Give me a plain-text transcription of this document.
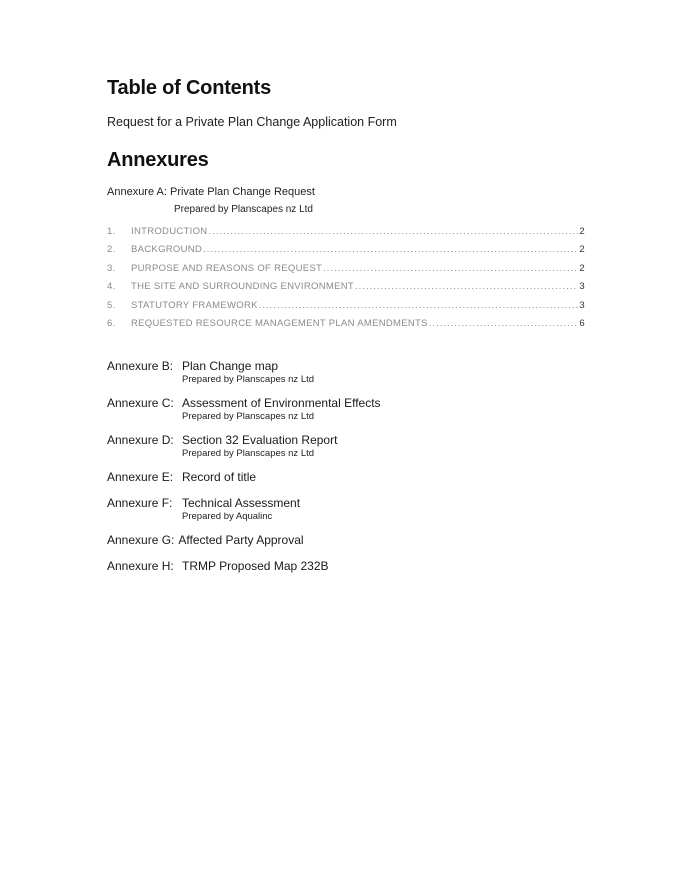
Table of Contents
Request for a Private Plan Change Application Form
Annexures
Annexure A: Private Plan Change Request
Prepared by Planscapes nz Ltd
1.	INTRODUCTION .....	2
2.	BACKGROUND .....	2
3.	PURPOSE AND REASONS OF REQUEST .....	2
4.	THE SITE AND SURROUNDING ENVIRONMENT .....	3
5.	STATUTORY FRAMEWORK .....	3
6.	REQUESTED RESOURCE MANAGEMENT PLAN AMENDMENTS .....	6
Annexure B: Plan Change map
Prepared by Planscapes nz Ltd
Annexure C: Assessment of Environmental Effects
Prepared by Planscapes nz Ltd
Annexure D: Section 32 Evaluation Report
Prepared by Planscapes nz Ltd
Annexure E: Record of title
Annexure F: Technical Assessment
Prepared by Aqualinc
Annexure G: Affected Party Approval
Annexure H: TRMP Proposed Map 232B
